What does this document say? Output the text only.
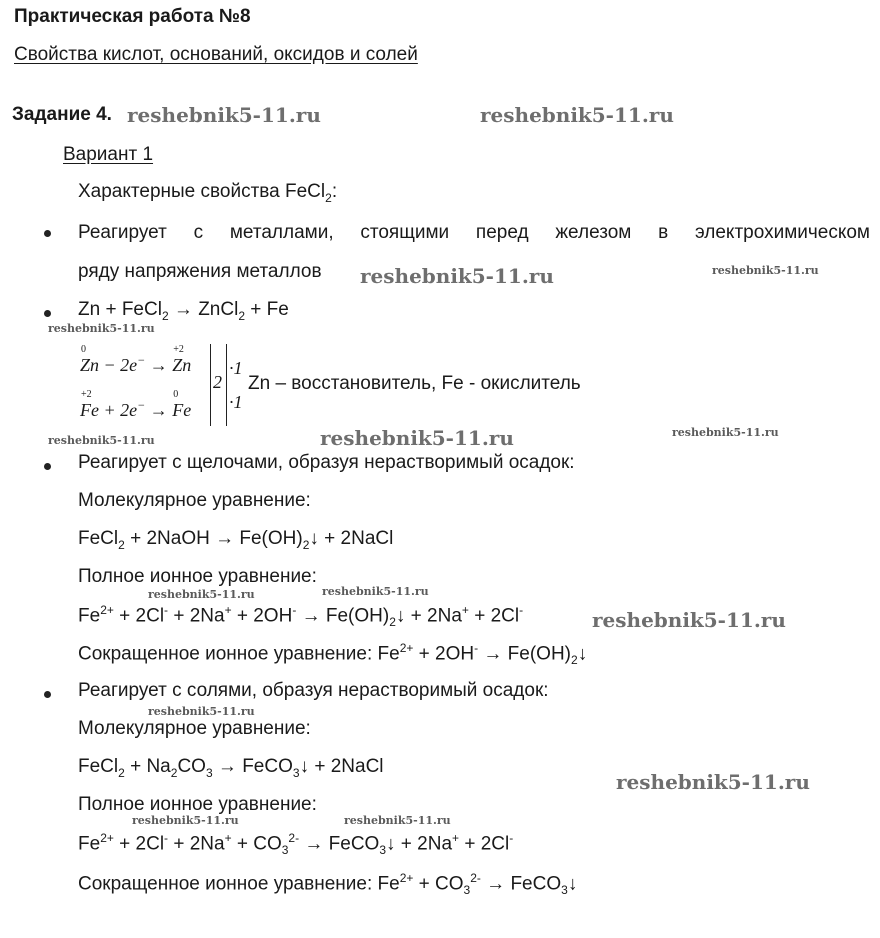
Практическая работа №8
Свойства кислот, оснований, оксидов и солей
Задание 4. reshebnik5-11.ru	reshebnik5-11.ru
Вариант 1
Характерные свойства FeCl$_2$:
Реагирует с металлами, стоящими перед железом в электрохимическом
ряду напряжения металлов reshebnik5-11.ru	reshebnik5-11.ru
Zn + FeCl$_2$ → ZnCl$_2$ + Fe
reshebnik5-11.ru
Zn
0
− 2e− → Zn
+2
Fe
+2
+ 2e− → Fe
0
2
·1
·1
Zn – восстановитель, Fe - окислитель
reshebnik5-11.ru	reshebnik5-11.ru	reshebnik5-11.ru
Реагирует с щелочами, образуя нерастворимый осадок:
Молекулярное уравнение:
FeCl$_2$ + 2NaOH → $Fe(OH)_2↓$ + 2NaCl
Полное ионное уравнение:
reshebnik5-11.ru	reshebnik5-11.ru
$Fe^{2+} + 2Cl^- + 2Na^+ + 2OH^-$ → $Fe(OH)_2↓ + 2Na^+ + 2Cl^-$	reshebnik5-11.ru
Сокращенное ионное уравнение: $Fe^{2+} + 2OH^-$ → $Fe(OH)_2↓$
Реагирует с солями, образуя нерастворимый осадок:
reshebnik5-11.ru
Молекулярное уравнение:
FeCl$_2$ + $Na_2CO_3$ → FeCO$_3$↓ + 2NaCl
reshebnik5-11.ru
Полное ионное уравнение:
reshebnik5-11.ru	reshebnik5-11.ru
$Fe^{2+} + 2Cl^- + 2Na^+ + CO_3^{2-}$ → FeCO$_3$↓ + 2Na+ + 2Cl-
Сокращенное ионное уравнение: $Fe^{2+} + CO_3^{2-}$ → FeCO$_3$↓
